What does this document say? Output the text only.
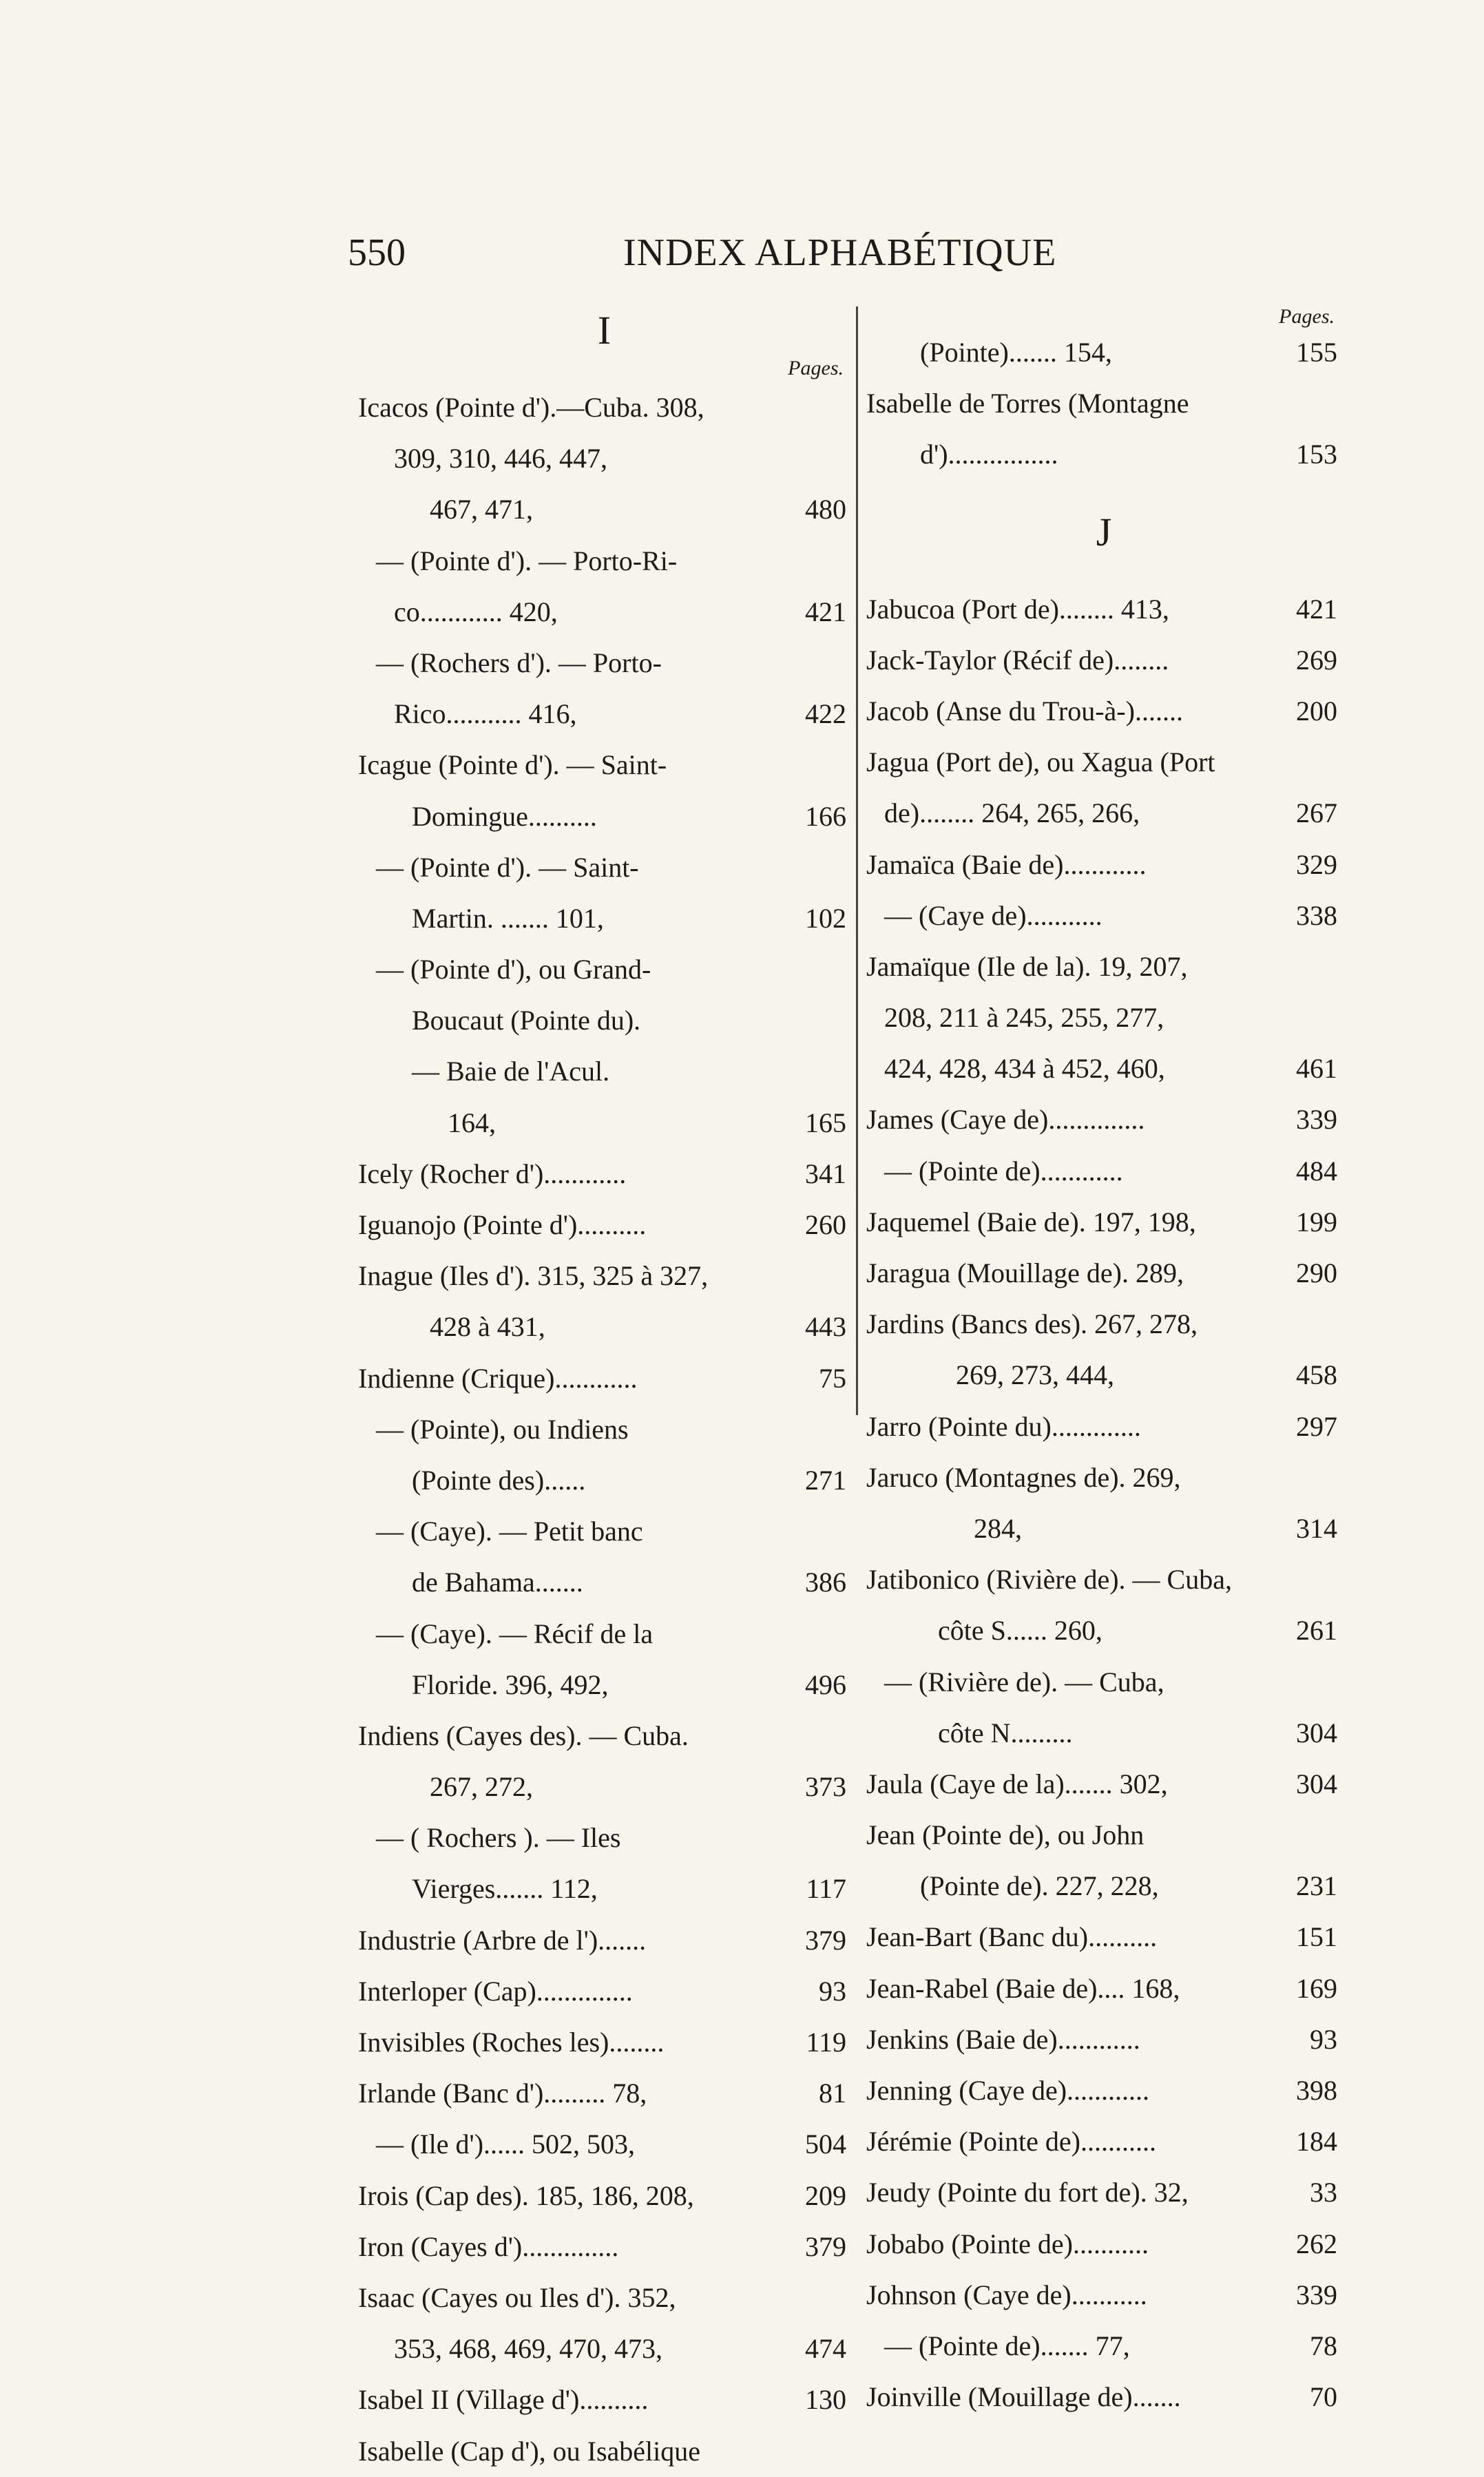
550	INDEX ALPHABÉTIQUE
I
Pages.
Icacos (Pointe d').—Cuba. 308,
309, 310, 446, 447,
467, 471,	480
— (Pointe d'). — Porto-Ri-
co............ 420,	421
— (Rochers d'). — Porto-
Rico........... 416,	422
Icague (Pointe d'). — Saint-
Domingue..........	166
— (Pointe d'). — Saint-
Martin. ....... 101,	102
— (Pointe d'), ou Grand-
Boucaut (Pointe du).
— Baie de l'Acul.
164,	165
Icely (Rocher d')............	341
Iguanojo (Pointe d')..........	260
Inague (Iles d'). 315, 325 à 327,
428 à 431,	443
Indienne (Crique)............	75
— (Pointe), ou Indiens
(Pointe des)......	271
— (Caye). — Petit banc
de Bahama.......	386
— (Caye). — Récif de la
Floride. 396, 492,	496
Indiens (Cayes des). — Cuba.
267, 272,	373
— ( Rochers ). — Iles
Vierges....... 112,	117
Industrie (Arbre de l').......	379
Interloper (Cap)..............	93
Invisibles (Roches les)........	119
Irlande (Banc d')......... 78,	81
— (Ile d')...... 502, 503,	504
Irois (Cap des). 185, 186, 208,	209
Iron (Cayes d')..............	379
Isaac (Cayes ou Iles d'). 352,
353, 468, 469, 470, 473,	474
Isabel II (Village d')..........	130
Isabelle (Cap d'), ou Isabélique
Pages.
(Pointe)....... 154,	155
Isabelle de Torres (Montagne
d')................	153
J
Jabucoa (Port de)........ 413,	421
Jack-Taylor (Récif de)........	269
Jacob (Anse du Trou-à-).......	200
Jagua (Port de), ou Xagua (Port
de)........ 264, 265, 266,	267
Jamaïca (Baie de)............	329
— (Caye de)...........	338
Jamaïque (Ile de la). 19, 207,
208, 211 à 245, 255, 277,
424, 428, 434 à 452, 460,	461
James (Caye de)..............	339
— (Pointe de)............	484
Jaquemel (Baie de). 197, 198,	199
Jaragua (Mouillage de). 289,	290
Jardins (Bancs des). 267, 278,
269, 273, 444,	458
Jarro (Pointe du).............	297
Jaruco (Montagnes de). 269,
284,	314
Jatibonico (Rivière de). — Cuba,
côte S...... 260,	261
— (Rivière de). — Cuba,
côte N.........	304
Jaula (Caye de la)....... 302,	304
Jean (Pointe de), ou John
(Pointe de). 227, 228,	231
Jean-Bart (Banc du)..........	151
Jean-Rabel (Baie de).... 168,	169
Jenkins (Baie de)............	93
Jenning (Caye de)............	398
Jérémie (Pointe de)...........	184
Jeudy (Pointe du fort de). 32,	33
Jobabo (Pointe de)...........	262
Johnson (Caye de)...........	339
— (Pointe de)....... 77,	78
Joinville (Mouillage de).......	70
